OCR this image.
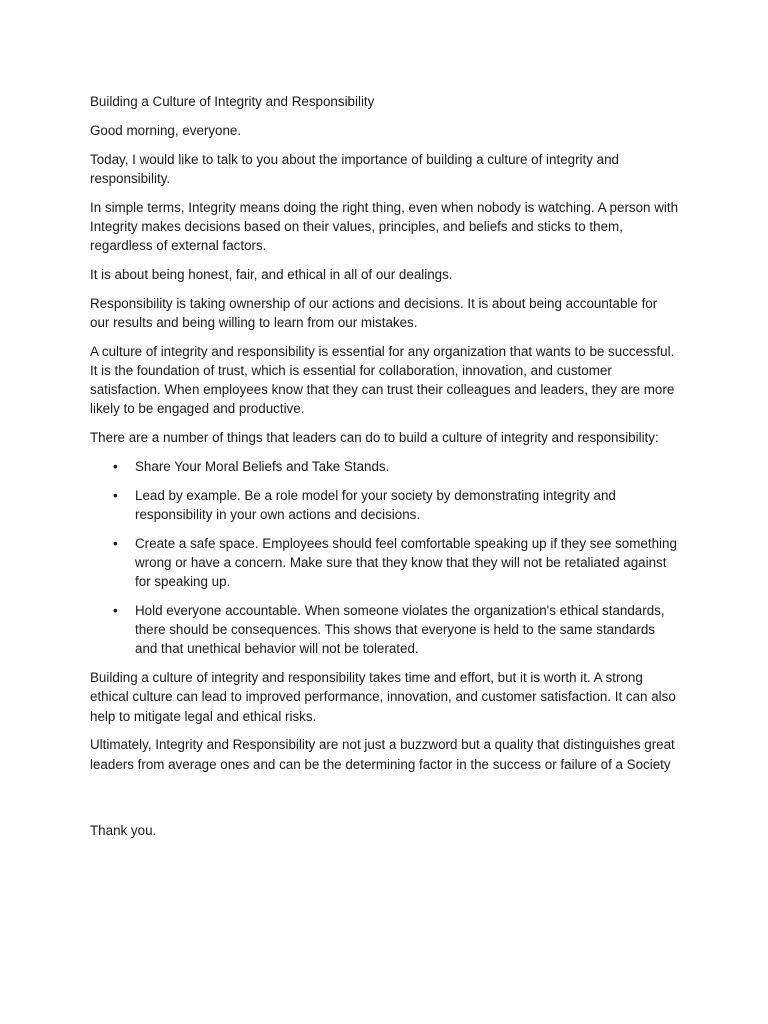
Building a Culture of Integrity and Responsibility

Good morning, everyone.

Today, I would like to talk to you about the importance of building a culture of integrity and responsibility.

In simple terms, Integrity means doing the right thing, even when nobody is watching. A person with Integrity makes decisions based on their values, principles, and beliefs and sticks to them, regardless of external factors.

It is about being honest, fair, and ethical in all of our dealings.

Responsibility is taking ownership of our actions and decisions. It is about being accountable for our results and being willing to learn from our mistakes.

A culture of integrity and responsibility is essential for any organization that wants to be successful. It is the foundation of trust, which is essential for collaboration, innovation, and customer satisfaction. When employees know that they can trust their colleagues and leaders, they are more likely to be engaged and productive.

There are a number of things that leaders can do to build a culture of integrity and responsibility:

• Share Your Moral Beliefs and Take Stands.
• Lead by example. Be a role model for your society by demonstrating integrity and responsibility in your own actions and decisions.
• Create a safe space. Employees should feel comfortable speaking up if they see something wrong or have a concern. Make sure that they know that they will not be retaliated against for speaking up.
• Hold everyone accountable. When someone violates the organization's ethical standards, there should be consequences. This shows that everyone is held to the same standards and that unethical behavior will not be tolerated.

Building a culture of integrity and responsibility takes time and effort, but it is worth it. A strong ethical culture can lead to improved performance, innovation, and customer satisfaction. It can also help to mitigate legal and ethical risks.

Ultimately, Integrity and Responsibility are not just a buzzword but a quality that distinguishes great leaders from average ones and can be the determining factor in the success or failure of a Society

Thank you.
